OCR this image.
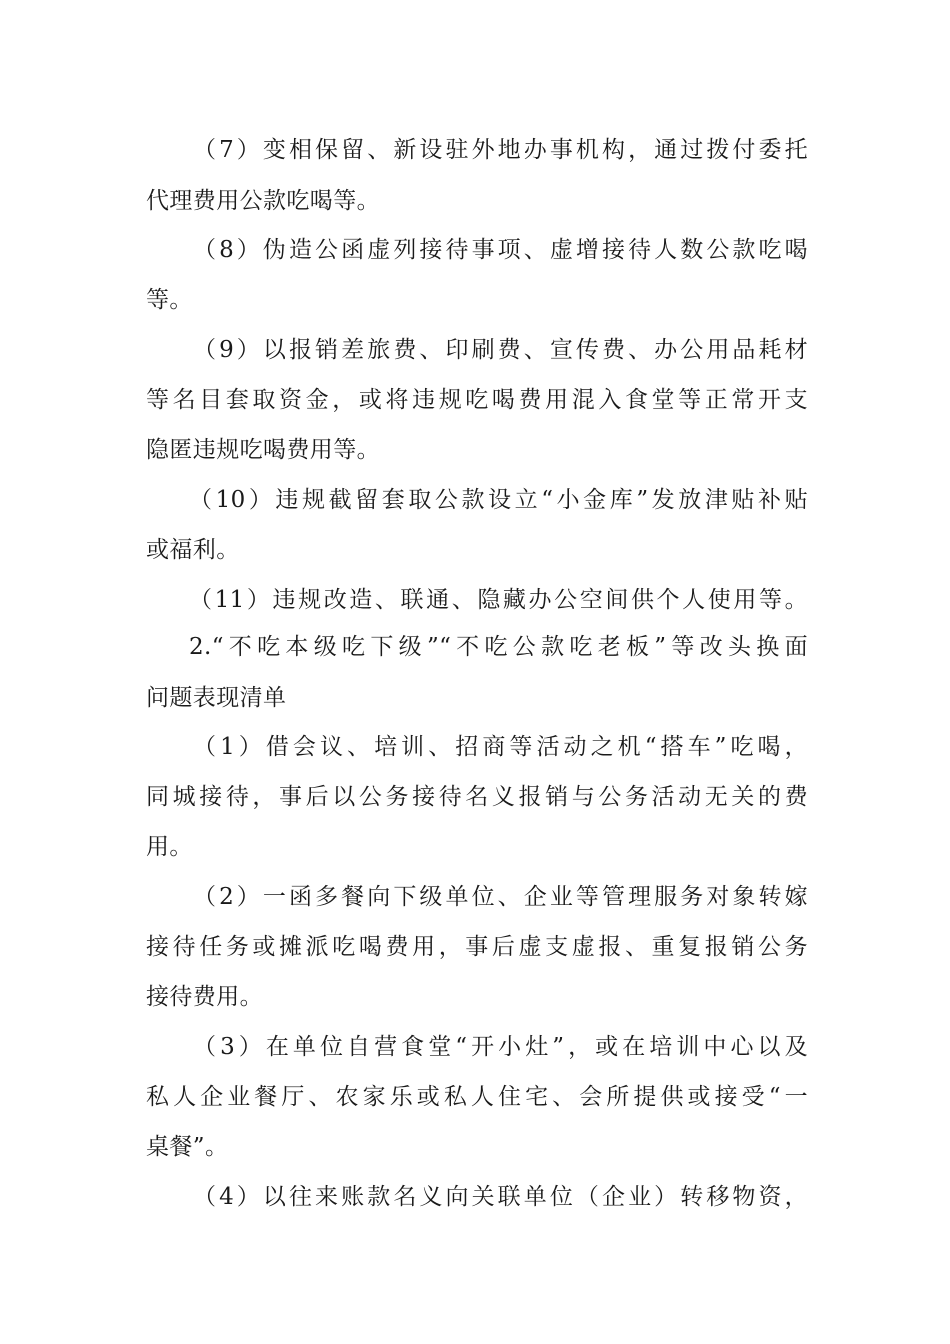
（7）变相保留、新设驻外地办事机构，通过拨付委托
代理费用公款吃喝等。
（8）伪造公函虚列接待事项、虚增接待人数公款吃喝
等。
（9）以报销差旅费、印刷费、宣传费、办公用品耗材
等名目套取资金，或将违规吃喝费用混入食堂等正常开支
隐匿违规吃喝费用等。
（10）违规截留套取公款设立“小金库”发放津贴补贴
或福利。
（11）违规改造、联通、隐藏办公空间供个人使用等。
2.“不吃本级吃下级”“不吃公款吃老板”等改头换面
问题表现清单
（1）借会议、培训、招商等活动之机“搭车”吃喝，
同城接待，事后以公务接待名义报销与公务活动无关的费
用。
（2）一函多餐向下级单位、企业等管理服务对象转嫁
接待任务或摊派吃喝费用，事后虚支虚报、重复报销公务
接待费用。
（3）在单位自营食堂“开小灶”，或在培训中心以及
私人企业餐厅、农家乐或私人住宅、会所提供或接受“一
桌餐”。
（4）以往来账款名义向关联单位（企业）转移物资，
